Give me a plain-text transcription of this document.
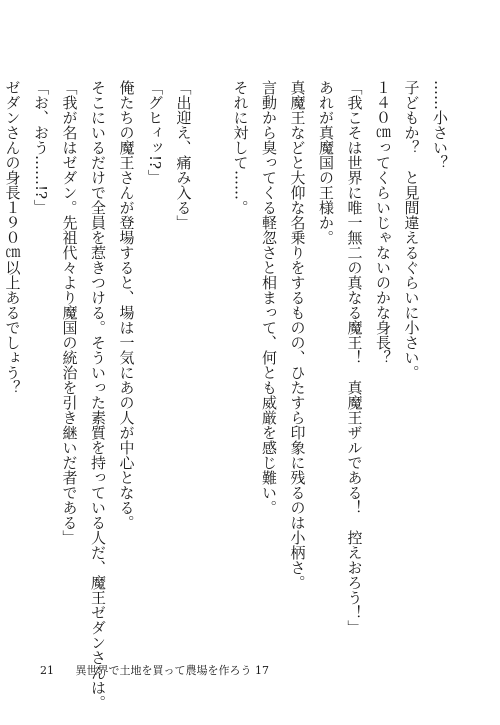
……小さい？

子どもか？　と見間違えるぐらいに小さい。

１４０㎝ってくらいじゃないのかな身長？

「我こそは世界に唯一無二の真なる魔王！　真魔王ザルである！　控えおろう！」

あれが真魔国の王様か。

真魔王などと大仰な名乗りをするものの、ひたすら印象に残るのは小柄さ。

言動から臭ってくる軽忽さと相まって、何とも威厳を感じ難い。

それに対して……。

「出迎え、痛み入る」

「グヒィッ!?」

俺たちの魔王さんが登場すると、場は一気にあの人が中心となる。

そこにいるだけで全員を惹きつける。そういった素質を持っている人だ、魔王ゼダンさんは。

「我が名はゼダン。先祖代々より魔国の統治を引き継いだ者である」

「お、おう……!?」

ゼダンさんの身長１９０㎝以上あるでしょう？

21 異世界で土地を買って農場を作ろう 17
